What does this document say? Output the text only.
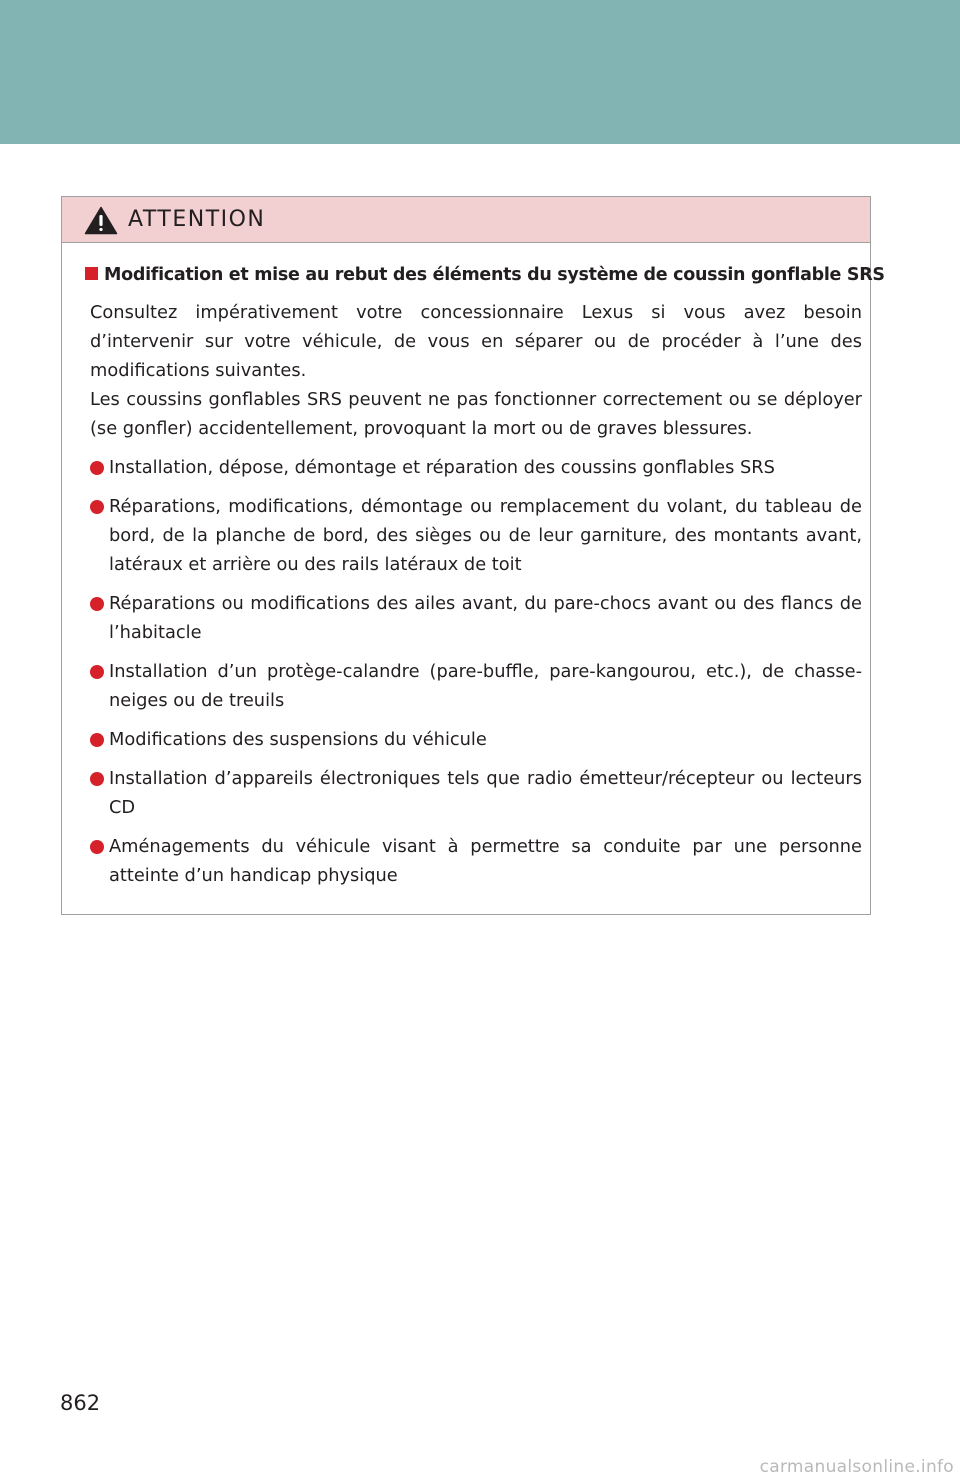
ATTENTION
Modification et mise au rebut des éléments du système de coussin gonflable SRS

Consultez impérativement votre concessionnaire Lexus si vous avez besoin d’intervenir sur votre véhicule, de vous en séparer ou de procéder à l’une des modifications suivantes.

Les coussins gonflables SRS peuvent ne pas fonctionner correctement ou se déployer (se gonfler) accidentellement, provoquant la mort ou de graves blessures.

Installation, dépose, démontage et réparation des coussins gonflables SRS
Réparations, modifications, démontage ou remplacement du volant, du tableau de bord, de la planche de bord, des sièges ou de leur garniture, des montants avant, latéraux et arrière ou des rails latéraux de toit
Réparations ou modifications des ailes avant, du pare-chocs avant ou des flancs de l’habitacle
Installation d’un protège-calandre (pare-buffle, pare-kangourou, etc.), de chasse-neiges ou de treuils
Modifications des suspensions du véhicule
Installation d’appareils électroniques tels que radio émetteur/récepteur ou lecteurs CD
Aménagements du véhicule visant à permettre sa conduite par une personne atteinte d’un handicap physique
862
carmanualsonline.info
